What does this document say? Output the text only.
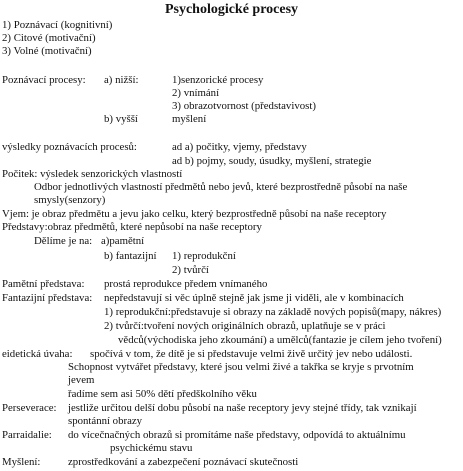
Psychologické procesy
1) Poznávací (kognitivní)
2) Citové (motivační)
3) Volné (motivační)
Poznávací procesy: a) nižší:	1)senzorické procesy
2) vnímání
3) obrazotvornost (představivost)
b) vyšší	myšlení
výsledky poznávacích procesů:	ad a) počitky, vjemy, představy
ad b) pojmy, soudy, úsudky, myšlení, strategie
Počitek: výsledek senzorických vlastností
Odbor jednotlivých vlastností předmětů nebo jevů, které bezprostředně působí na naše
smysly(senzory)
Vjem: je obraz předmětu a jevu jako celku, který bezprostředně působí na naše receptory
Představy:obraz předmětů, které nepůsobí na naše receptory
Dělíme je na: a)pamětní
b) fantazijní 1) reprodukční
2) tvůrčí
Pamětní představa: prostá reprodukce předem vnímaného
Fantazijní představa: nepředstavují si věc úplně stejně jak jsme ji viděli, ale v kombinacích
1) reprodukční:představuje si obrazy na základě nových popisů(mapy, nákres)
2) tvůrčí:tvoření nových originálních obrazů, uplatňuje se v práci
vědců(východiska jeho zkoumání) a umělců(fantazie je cílem jeho tvoření)
eidetická úvaha: spočívá v tom, že dítě je si představuje velmi živě určitý jev nebo události.
Schopnost vytvářet představy, které jsou velmi živé a takřka se kryje s prvotním
jevem
řadíme sem asi 50% dětí předškolního věku
Perseverace: jestliže určitou delší dobu působí na naše receptory jevy stejné třídy, tak vznikají
spontánní obrazy
Parraidalie: do vícečnačných obrazů si promítáme naše představy, odpovídá to aktuálnímu
psychickému stavu
Myšlení:	zprostředkování a zabezpečení poznávací skutečnosti
